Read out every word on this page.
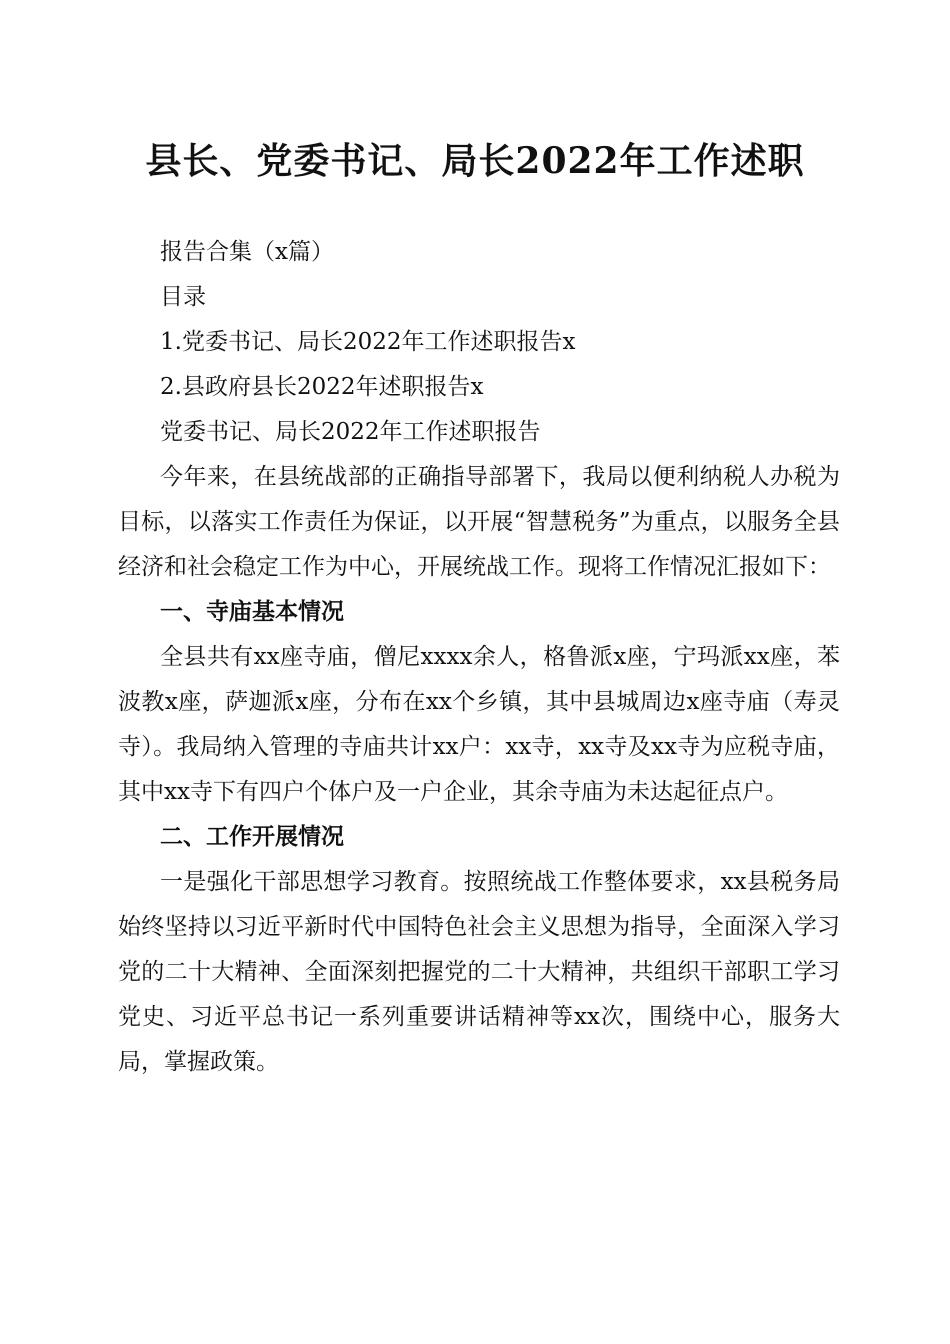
县长、党委书记、局长2022年工作述职

报告合集（x篇）

目录

1.党委书记、局长2022年工作述职报告x

2.县政府县长2022年述职报告x

党委书记、局长2022年工作述职报告

今年来，在县统战部的正确指导部署下，我局以便利纳税人办税为目标，以落实工作责任为保证，以开展“智慧税务”为重点，以服务全县经济和社会稳定工作为中心，开展统战工作。现将工作情况汇报如下：

一、寺庙基本情况

全县共有xx座寺庙，僧尼xxxx余人，格鲁派x座，宁玛派xx座，苯波教x座，萨迦派x座，分布在xx个乡镇，其中县城周边x座寺庙（寿灵寺）。我局纳入管理的寺庙共计xx户：xx寺，xx寺及xx寺为应税寺庙，其中xx寺下有四户个体户及一户企业，其余寺庙为未达起征点户。

二、工作开展情况

一是强化干部思想学习教育。按照统战工作整体要求，xx县税务局始终坚持以习近平新时代中国特色社会主义思想为指导，全面深入学习党的二十大精神、全面深刻把握党的二十大精神，共组织干部职工学习党史、习近平总书记一系列重要讲话精神等xx次，围绕中心，服务大局，掌握政策。
